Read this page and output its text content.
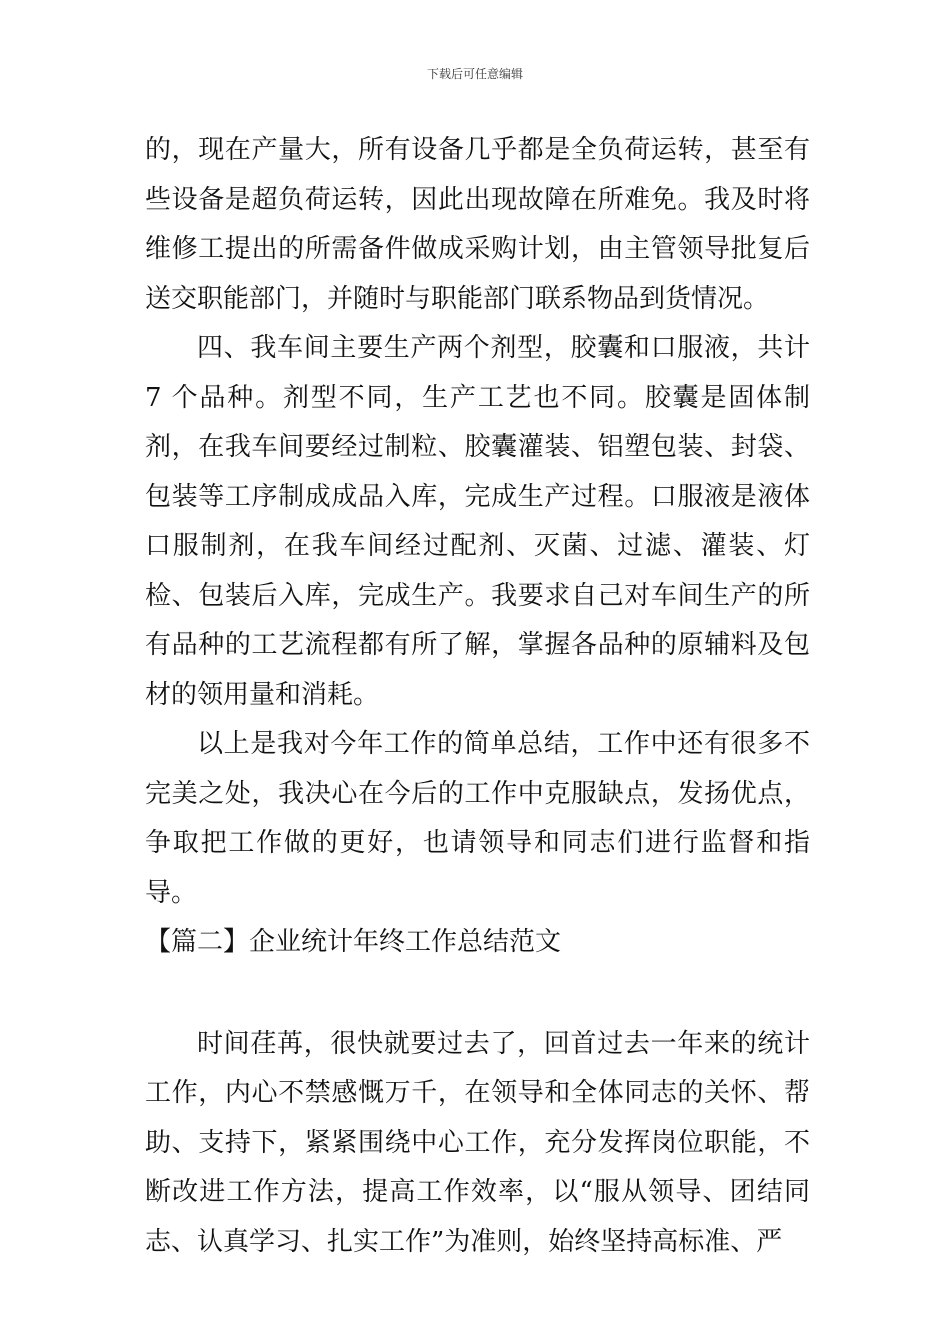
下载后可任意编辑

的，现在产量大，所有设备几乎都是全负荷运转，甚至有些设备是超负荷运转，因此出现故障在所难免。我及时将维修工提出的所需备件做成采购计划，由主管领导批复后送交职能部门，并随时与职能部门联系物品到货情况。

四、我车间主要生产两个剂型，胶囊和口服液，共计 7 个品种。剂型不同，生产工艺也不同。胶囊是固体制剂，在我车间要经过制粒、胶囊灌装、铝塑包装、封袋、包装等工序制成成品入库，完成生产过程。口服液是液体口服制剂，在我车间经过配剂、灭菌、过滤、灌装、灯检、包装后入库，完成生产。我要求自己对车间生产的所有品种的工艺流程都有所了解，掌握各品种的原辅料及包材的领用量和消耗。

以上是我对今年工作的简单总结，工作中还有很多不完美之处，我决心在今后的工作中克服缺点，发扬优点，争取把工作做的更好，也请领导和同志们进行监督和指导。

【篇二】企业统计年终工作总结范文

时间荏苒，很快就要过去了，回首过去一年来的统计工作，内心不禁感慨万千，在领导和全体同志的关怀、帮助、支持下，紧紧围绕中心工作，充分发挥岗位职能，不断改进工作方法，提高工作效率，以“服从领导、团结同志、认真学习、扎实工作”为准则，始终坚持高标准、严
